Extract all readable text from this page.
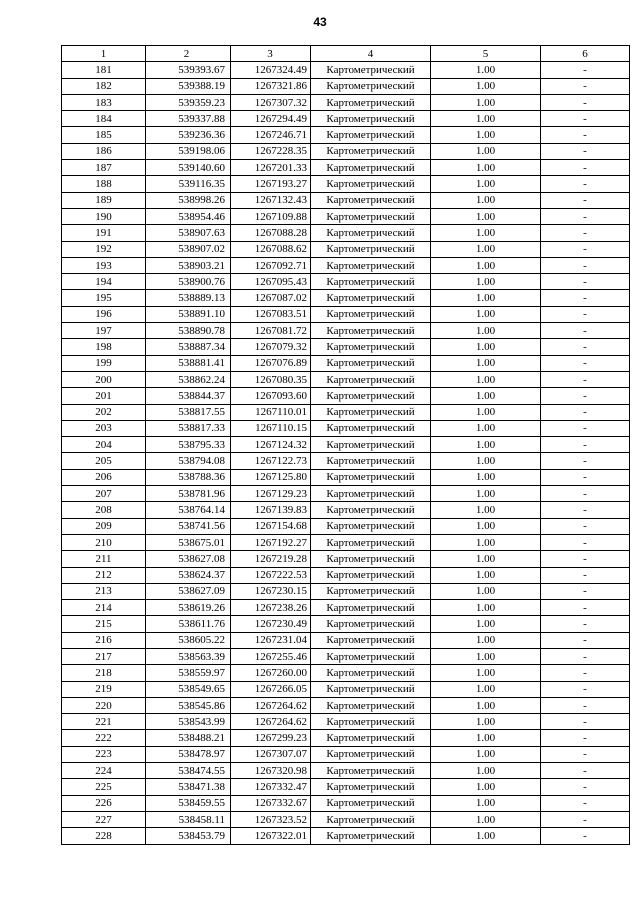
43
1	2	3	4	5	6
181	539393.67	1267324.49	Картометрический	1.00	-
182	539388.19	1267321.86	Картометрический	1.00	-
183	539359.23	1267307.32	Картометрический	1.00	-
184	539337.88	1267294.49	Картометрический	1.00	-
185	539236.36	1267246.71	Картометрический	1.00	-
186	539198.06	1267228.35	Картометрический	1.00	-
187	539140.60	1267201.33	Картометрический	1.00	-
188	539116.35	1267193.27	Картометрический	1.00	-
189	538998.26	1267132.43	Картометрический	1.00	-
190	538954.46	1267109.88	Картометрический	1.00	-
191	538907.63	1267088.28	Картометрический	1.00	-
192	538907.02	1267088.62	Картометрический	1.00	-
193	538903.21	1267092.71	Картометрический	1.00	-
194	538900.76	1267095.43	Картометрический	1.00	-
195	538889.13	1267087.02	Картометрический	1.00	-
196	538891.10	1267083.51	Картометрический	1.00	-
197	538890.78	1267081.72	Картометрический	1.00	-
198	538887.34	1267079.32	Картометрический	1.00	-
199	538881.41	1267076.89	Картометрический	1.00	-
200	538862.24	1267080.35	Картометрический	1.00	-
201	538844.37	1267093.60	Картометрический	1.00	-
202	538817.55	1267110.01	Картометрический	1.00	-
203	538817.33	1267110.15	Картометрический	1.00	-
204	538795.33	1267124.32	Картометрический	1.00	-
205	538794.08	1267122.73	Картометрический	1.00	-
206	538788.36	1267125.80	Картометрический	1.00	-
207	538781.96	1267129.23	Картометрический	1.00	-
208	538764.14	1267139.83	Картометрический	1.00	-
209	538741.56	1267154.68	Картометрический	1.00	-
210	538675.01	1267192.27	Картометрический	1.00	-
211	538627.08	1267219.28	Картометрический	1.00	-
212	538624.37	1267222.53	Картометрический	1.00	-
213	538627.09	1267230.15	Картометрический	1.00	-
214	538619.26	1267238.26	Картометрический	1.00	-
215	538611.76	1267230.49	Картометрический	1.00	-
216	538605.22	1267231.04	Картометрический	1.00	-
217	538563.39	1267255.46	Картометрический	1.00	-
218	538559.97	1267260.00	Картометрический	1.00	-
219	538549.65	1267266.05	Картометрический	1.00	-
220	538545.86	1267264.62	Картометрический	1.00	-
221	538543.99	1267264.62	Картометрический	1.00	-
222	538488.21	1267299.23	Картометрический	1.00	-
223	538478.97	1267307.07	Картометрический	1.00	-
224	538474.55	1267320.98	Картометрический	1.00	-
225	538471.38	1267332.47	Картометрический	1.00	-
226	538459.55	1267332.67	Картометрический	1.00	-
227	538458.11	1267323.52	Картометрический	1.00	-
228	538453.79	1267322.01	Картометрический	1.00	-
